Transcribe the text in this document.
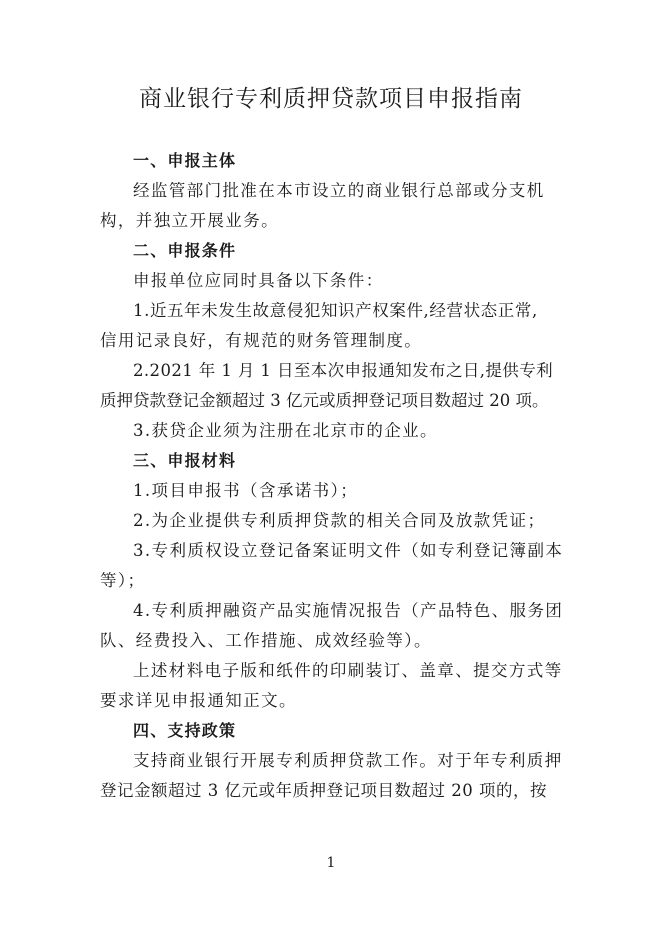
商业银行专利质押贷款项目申报指南
一、申报主体
经监管部门批准在本市设立的商业银行总部或分支机
构，并独立开展业务。
二、申报条件
申报单位应同时具备以下条件：
1.近五年未发生故意侵犯知识产权案件,经营状态正常,
信用记录良好，有规范的财务管理制度。
2.2021 年 1 月 1 日至本次申报通知发布之日,提供专利
质押贷款登记金额超过 3 亿元或质押登记项目数超过 20 项。
3.获贷企业须为注册在北京市的企业。
三、申报材料
1.项目申报书（含承诺书）；
2.为企业提供专利质押贷款的相关合同及放款凭证；
3.专利质权设立登记备案证明文件（如专利登记簿副本
等）；
4.专利质押融资产品实施情况报告（产品特色、服务团
队、经费投入、工作措施、成效经验等）。
上述材料电子版和纸件的印刷装订、盖章、提交方式等
要求详见申报通知正文。
四、支持政策
支持商业银行开展专利质押贷款工作。对于年专利质押
登记金额超过 3 亿元或年质押登记项目数超过 20 项的，按
1
